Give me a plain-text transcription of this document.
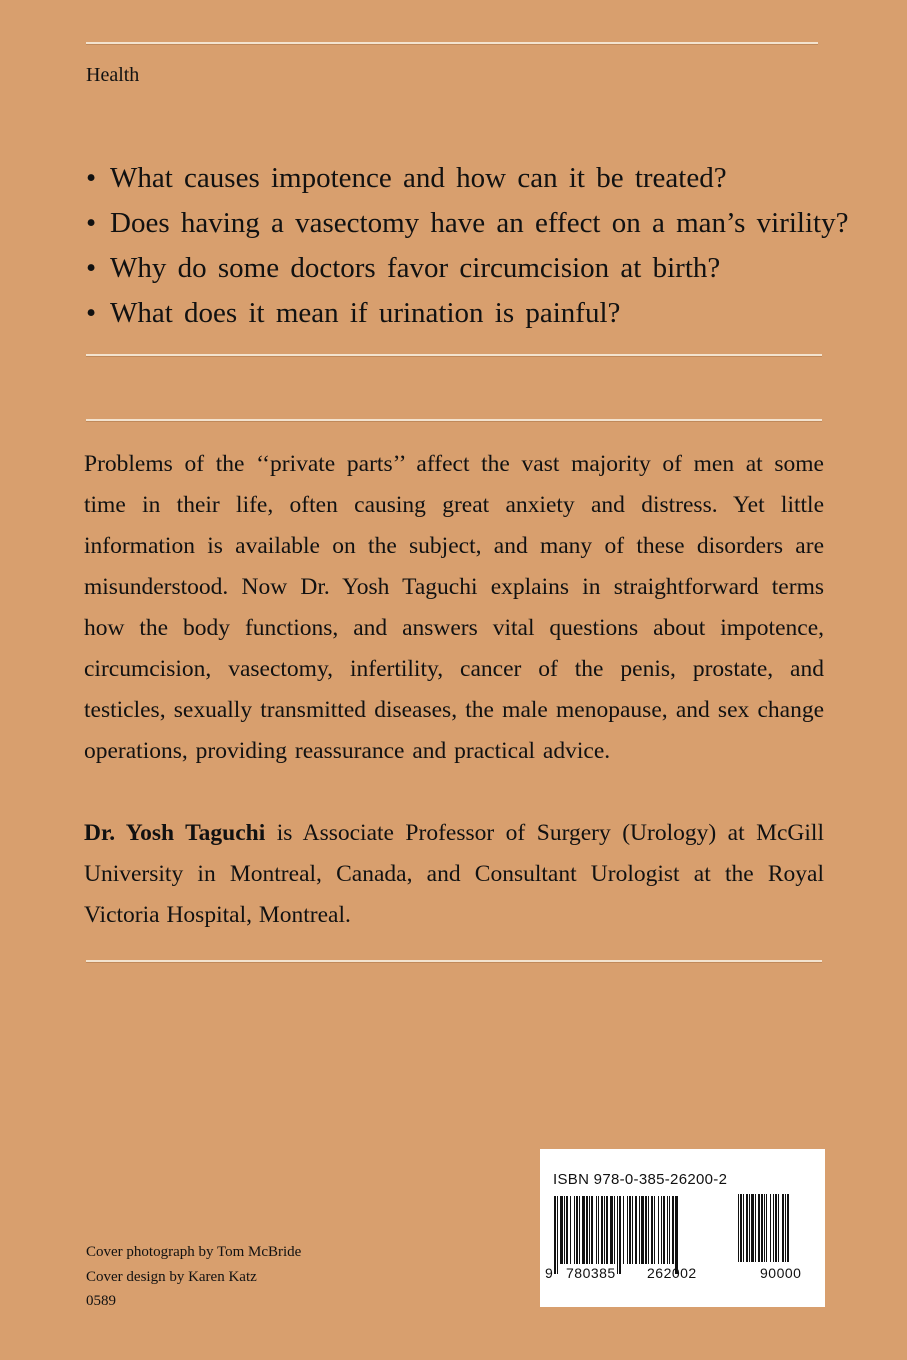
Health
• What causes impotence and how can it be treated?
• Does having a vasectomy have an effect on a man’s virility?
• Why do some doctors favor circumcision at birth?
• What does it mean if urination is painful?

Problems of the ‘‘private parts’’ affect the vast majority of men at some time in their life, often causing great anxiety and distress. Yet little information is available on the subject, and many of these disorders are misunderstood. Now Dr. Yosh Taguchi explains in straightforward terms how the body functions, and answers vital questions about impotence, circumcision, vasectomy, infertility, cancer of the penis, prostate, and testicles, sexually transmitted diseases, the male menopause, and sex change operations, providing reassurance and practical advice.

Dr. Yosh Taguchi is Associate Professor of Surgery (Urology) at McGill University in Montreal, Canada, and Consultant Urologist at the Royal Victoria Hospital, Montreal.

Cover photograph by Tom McBride
Cover design by Karen Katz
0589
ISBN 978-0-385-26200-2
9 780385 262002	90000
